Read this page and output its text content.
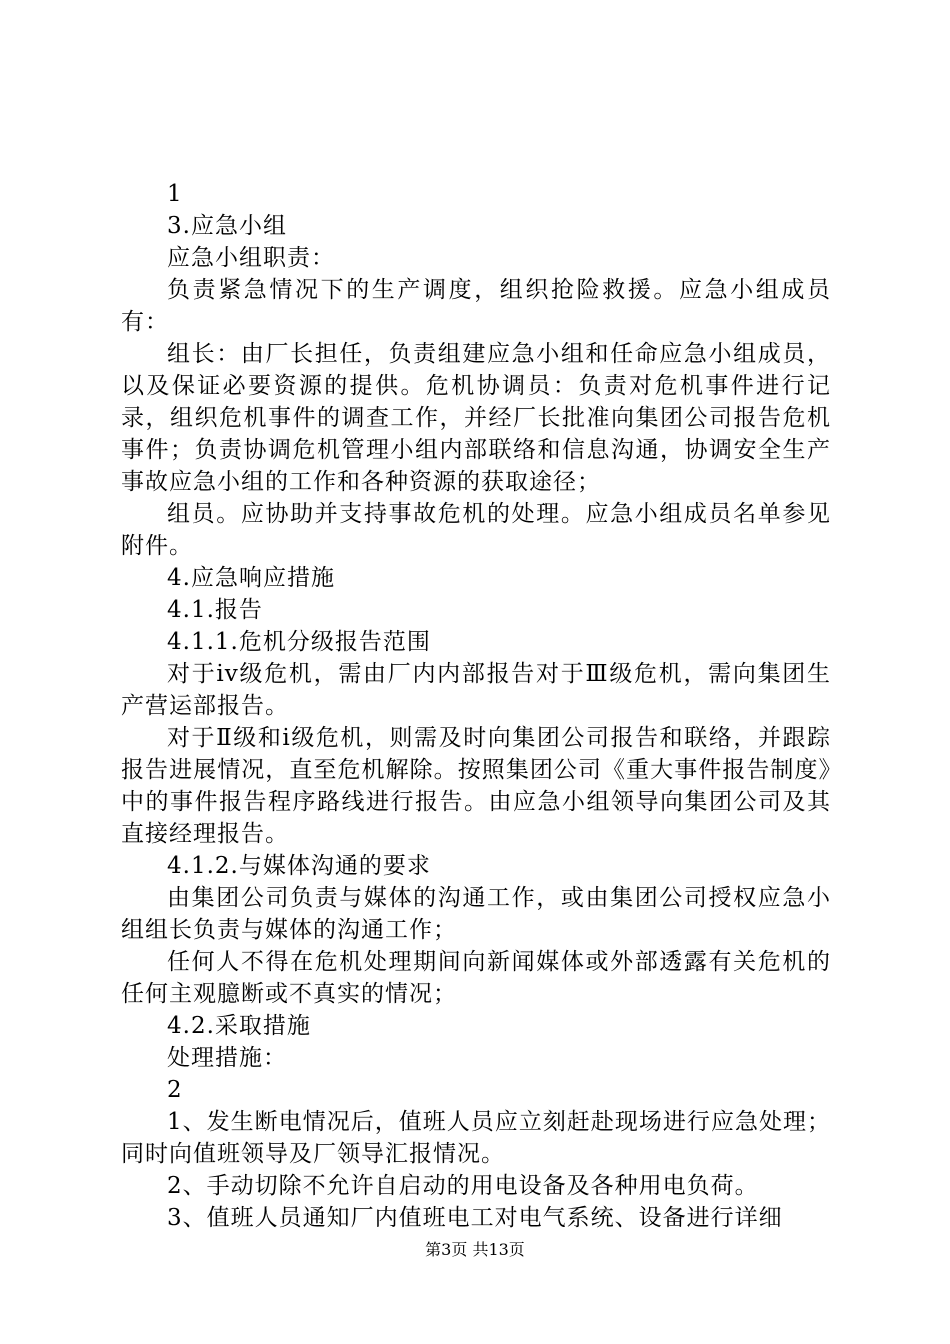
1

3.应急小组

应急小组职责：

负责紧急情况下的生产调度，组织抢险救援。应急小组成员有：

组长：由厂长担任，负责组建应急小组和任命应急小组成员，以及保证必要资源的提供。危机协调员：负责对危机事件进行记录，组织危机事件的调查工作，并经厂长批准向集团公司报告危机事件；负责协调危机管理小组内部联络和信息沟通，协调安全生产事故应急小组的工作和各种资源的获取途径；

组员。应协助并支持事故危机的处理。应急小组成员名单参见附件。

4.应急响应措施

4.1.报告

4.1.1.危机分级报告范围

对于iv级危机，需由厂内内部报告对于Ⅲ级危机，需向集团生产营运部报告。

对于Ⅱ级和i级危机，则需及时向集团公司报告和联络，并跟踪报告进展情况，直至危机解除。按照集团公司《重大事件报告制度》中的事件报告程序路线进行报告。由应急小组领导向集团公司及其直接经理报告。

4.1.2.与媒体沟通的要求

由集团公司负责与媒体的沟通工作，或由集团公司授权应急小组组长负责与媒体的沟通工作；

任何人不得在危机处理期间向新闻媒体或外部透露有关危机的任何主观臆断或不真实的情况；

4.2.采取措施

处理措施：

2

1、发生断电情况后，值班人员应立刻赶赴现场进行应急处理；同时向值班领导及厂领导汇报情况。

2、手动切除不允许自启动的用电设备及各种用电负荷。

3、值班人员通知厂内值班电工对电气系统、设备进行详细

第3页 共13页
